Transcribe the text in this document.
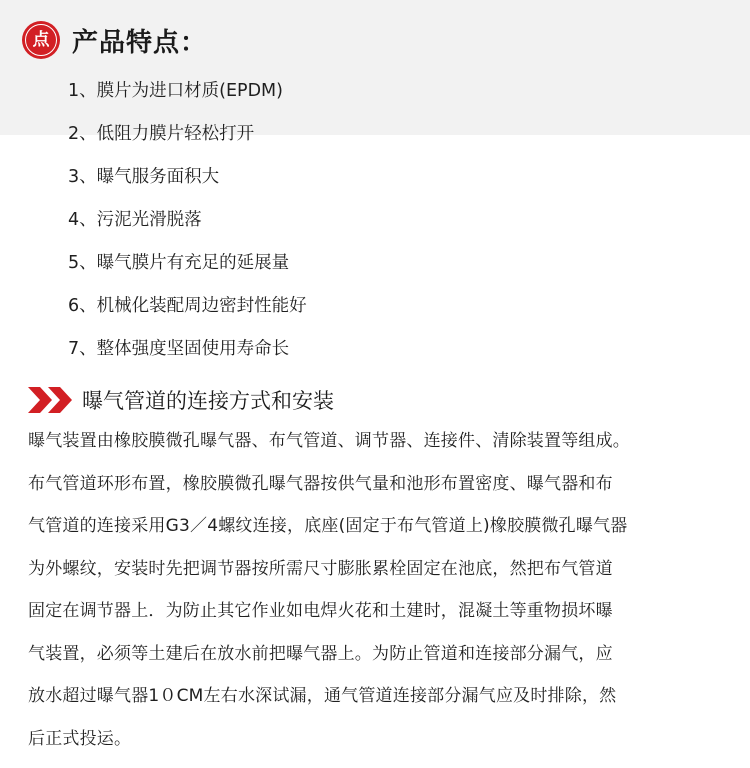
点 产品特点：
1、膜片为进口材质(EPDM)
2、低阻力膜片轻松打开
3、曝气服务面积大
4、污泥光滑脱落
5、曝气膜片有充足的延展量
6、机械化装配周边密封性能好
7、整体强度坚固使用寿命长
曝气管道的连接方式和安装
曝气装置由橡胶膜微孔曝气器、布气管道、调节器、连接件、清除装置等组成。
布气管道环形布置，橡胶膜微孔曝气器按供气量和池形布置密度、曝气器和布
气管道的连接采用G3／4螺纹连接，底座(固定于布气管道上)橡胶膜微孔曝气器
为外螺纹，安装时先把调节器按所需尺寸膨胀累栓固定在池底，然把布气管道
固定在调节器上．为防止其它作业如电焊火花和土建时，混凝土等重物损坏曝
气装置，必须等土建后在放水前把曝气器上。为防止管道和连接部分漏气，应
放水超过曝气器1０CM左右水深试漏，通气管道连接部分漏气应及时排除，然
后正式投运。
